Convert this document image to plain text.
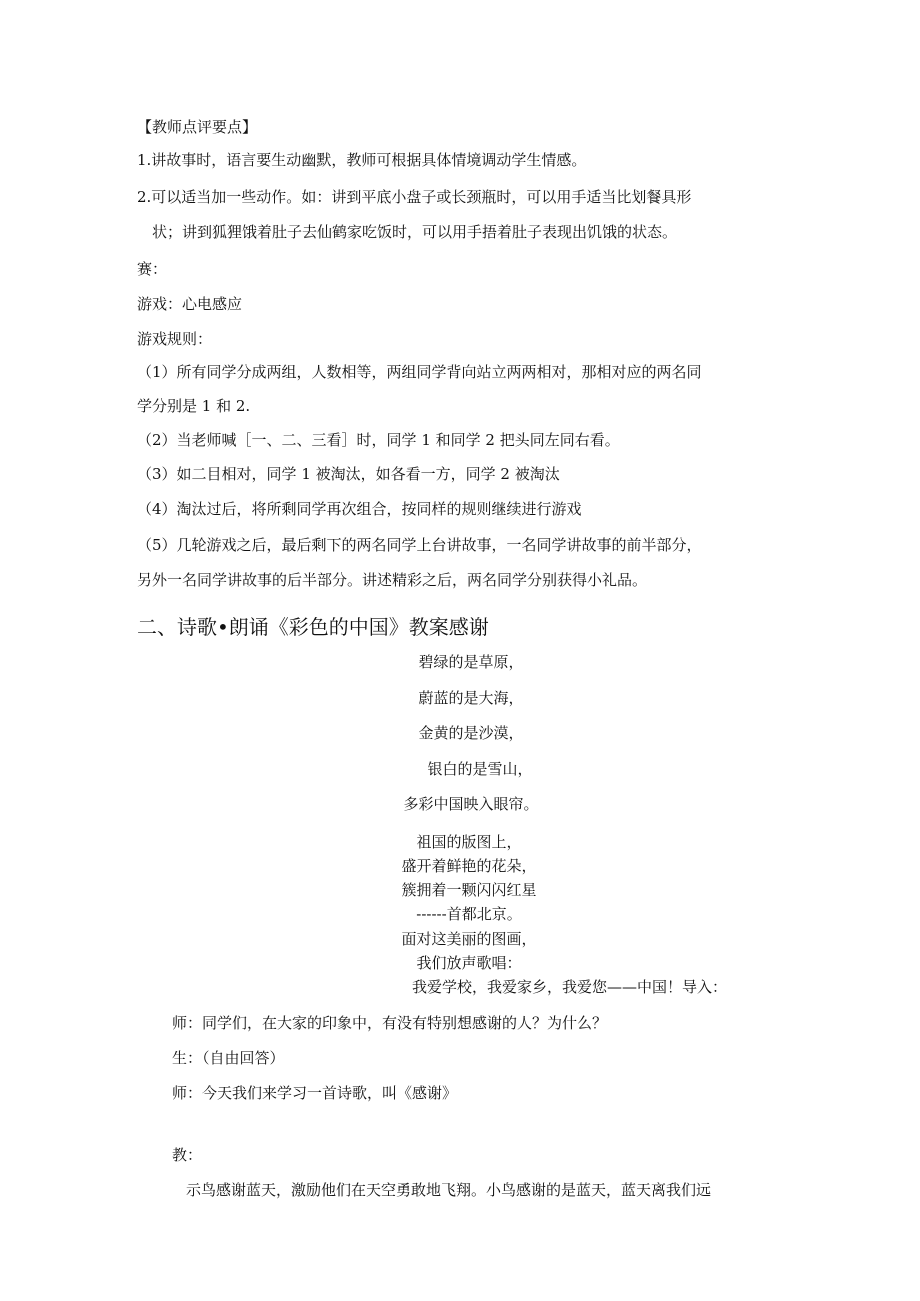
【教师点评要点】
1.讲故事时，语言要生动幽默，教师可根据具体情境调动学生情感。
2.可以适当加一些动作。如：讲到平底小盘子或长颈瓶时，可以用手适当比划餐具形
状；讲到狐狸饿着肚子去仙鹤家吃饭时，可以用手捂着肚子表现出饥饿的状态。
赛：
游戏：心电感应
游戏规则：
（1）所有同学分成两组，人数相等，两组同学背向站立两两相对，那相对应的两名同
学分别是 1 和 2.
（2）当老师喊［一、二、三看］时，同学 1 和同学 2 把头同左同右看。
（3）如二目相对，同学 1 被淘汰，如各看一方，同学 2 被淘汰
（4）淘汰过后，将所剩同学再次组合，按同样的规则继续进行游戏
（5）几轮游戏之后，最后剩下的两名同学上台讲故事，一名同学讲故事的前半部分，
另外一名同学讲故事的后半部分。讲述精彩之后，两名同学分别获得小礼品。
二、诗歌•朗诵《彩色的中国》教案感谢
碧绿的是草原，
蔚蓝的是大海，
金黄的是沙漠，
银白的是雪山，
多彩中国映入眼帘。
祖国的版图上，
盛开着鲜艳的花朵，
簇拥着一颗闪闪红星
------首都北京。
面对这美丽的图画，
我们放声歌唱：
我爱学校，我爱家乡，我爱您——中国！导入：
师：同学们，在大家的印象中，有没有特别想感谢的人？为什么？
生：（自由回答）
师：今天我们来学习一首诗歌，叫《感谢》
教：
示鸟感谢蓝天，激励他们在天空勇敢地飞翔。小鸟感谢的是蓝天，蓝天离我们远
